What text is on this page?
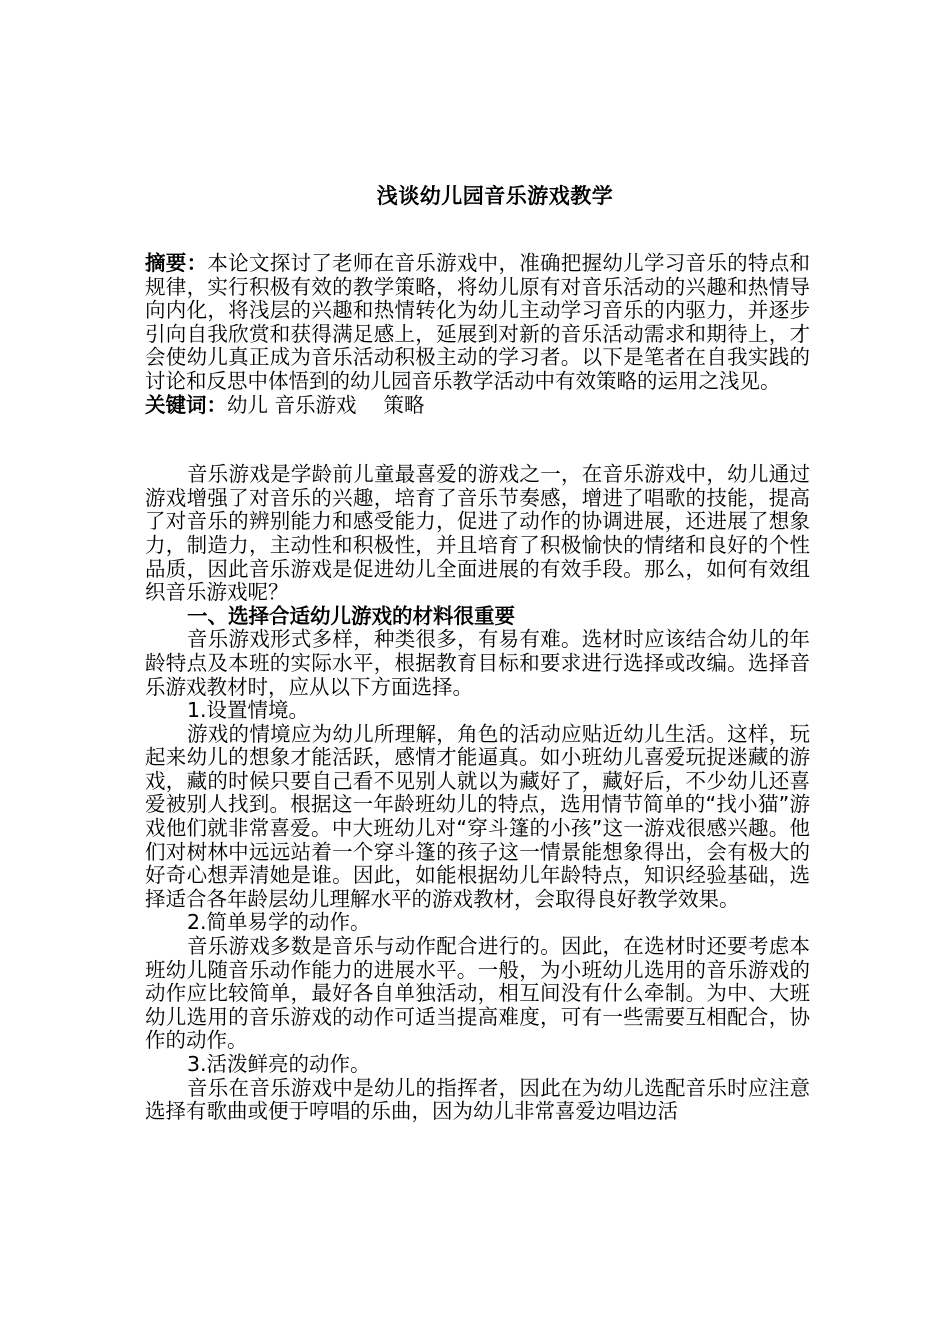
浅谈幼儿园音乐游戏教学

摘要：本论文探讨了老师在音乐游戏中，准确把握幼儿学习音乐的特点和规律，实行积极有效的教学策略，将幼儿原有对音乐活动的兴趣和热情导向内化，将浅层的兴趣和热情转化为幼儿主动学习音乐的内驱力，并逐步引向自我欣赏和获得满足感上，延展到对新的音乐活动需求和期待上，才会使幼儿真正成为音乐活动积极主动的学习者。以下是笔者在自我实践的讨论和反思中体悟到的幼儿园音乐教学活动中有效策略的运用之浅见。

关键词：幼儿 音乐游戏　 策略

音乐游戏是学龄前儿童最喜爱的游戏之一，在音乐游戏中，幼儿通过游戏增强了对音乐的兴趣，培育了音乐节奏感，增进了唱歌的技能，提高了对音乐的辨别能力和感受能力，促进了动作的协调进展，还进展了想象力，制造力，主动性和积极性，并且培育了积极愉快的情绪和良好的个性品质，因此音乐游戏是促进幼儿全面进展的有效手段。那么，如何有效组织音乐游戏呢？

一、选择合适幼儿游戏的材料很重要

音乐游戏形式多样，种类很多，有易有难。选材时应该结合幼儿的年龄特点及本班的实际水平，根据教育目标和要求进行选择或改编。选择音乐游戏教材时，应从以下方面选择。

1.设置情境。

游戏的情境应为幼儿所理解，角色的活动应贴近幼儿生活。这样，玩起来幼儿的想象才能活跃，感情才能逼真。如小班幼儿喜爱玩捉迷藏的游戏，藏的时候只要自己看不见别人就以为藏好了，藏好后，不少幼儿还喜爱被别人找到。根据这一年龄班幼儿的特点，选用情节简单的“找小猫”游戏他们就非常喜爱。中大班幼儿对“穿斗篷的小孩”这一游戏很感兴趣。他们对树林中远远站着一个穿斗篷的孩子这一情景能想象得出，会有极大的好奇心想弄清她是谁。因此，如能根据幼儿年龄特点，知识经验基础，选择适合各年龄层幼儿理解水平的游戏教材，会取得良好教学效果。

2.简单易学的动作。

音乐游戏多数是音乐与动作配合进行的。因此，在选材时还要考虑本班幼儿随音乐动作能力的进展水平。一般，为小班幼儿选用的音乐游戏的动作应比较简单，最好各自单独活动，相互间没有什么牵制。为中、大班幼儿选用的音乐游戏的动作可适当提高难度，可有一些需要互相配合，协作的动作。

3.活泼鲜亮的动作。

音乐在音乐游戏中是幼儿的指挥者，因此在为幼儿选配音乐时应注意选择有歌曲或便于哼唱的乐曲，因为幼儿非常喜爱边唱边活
